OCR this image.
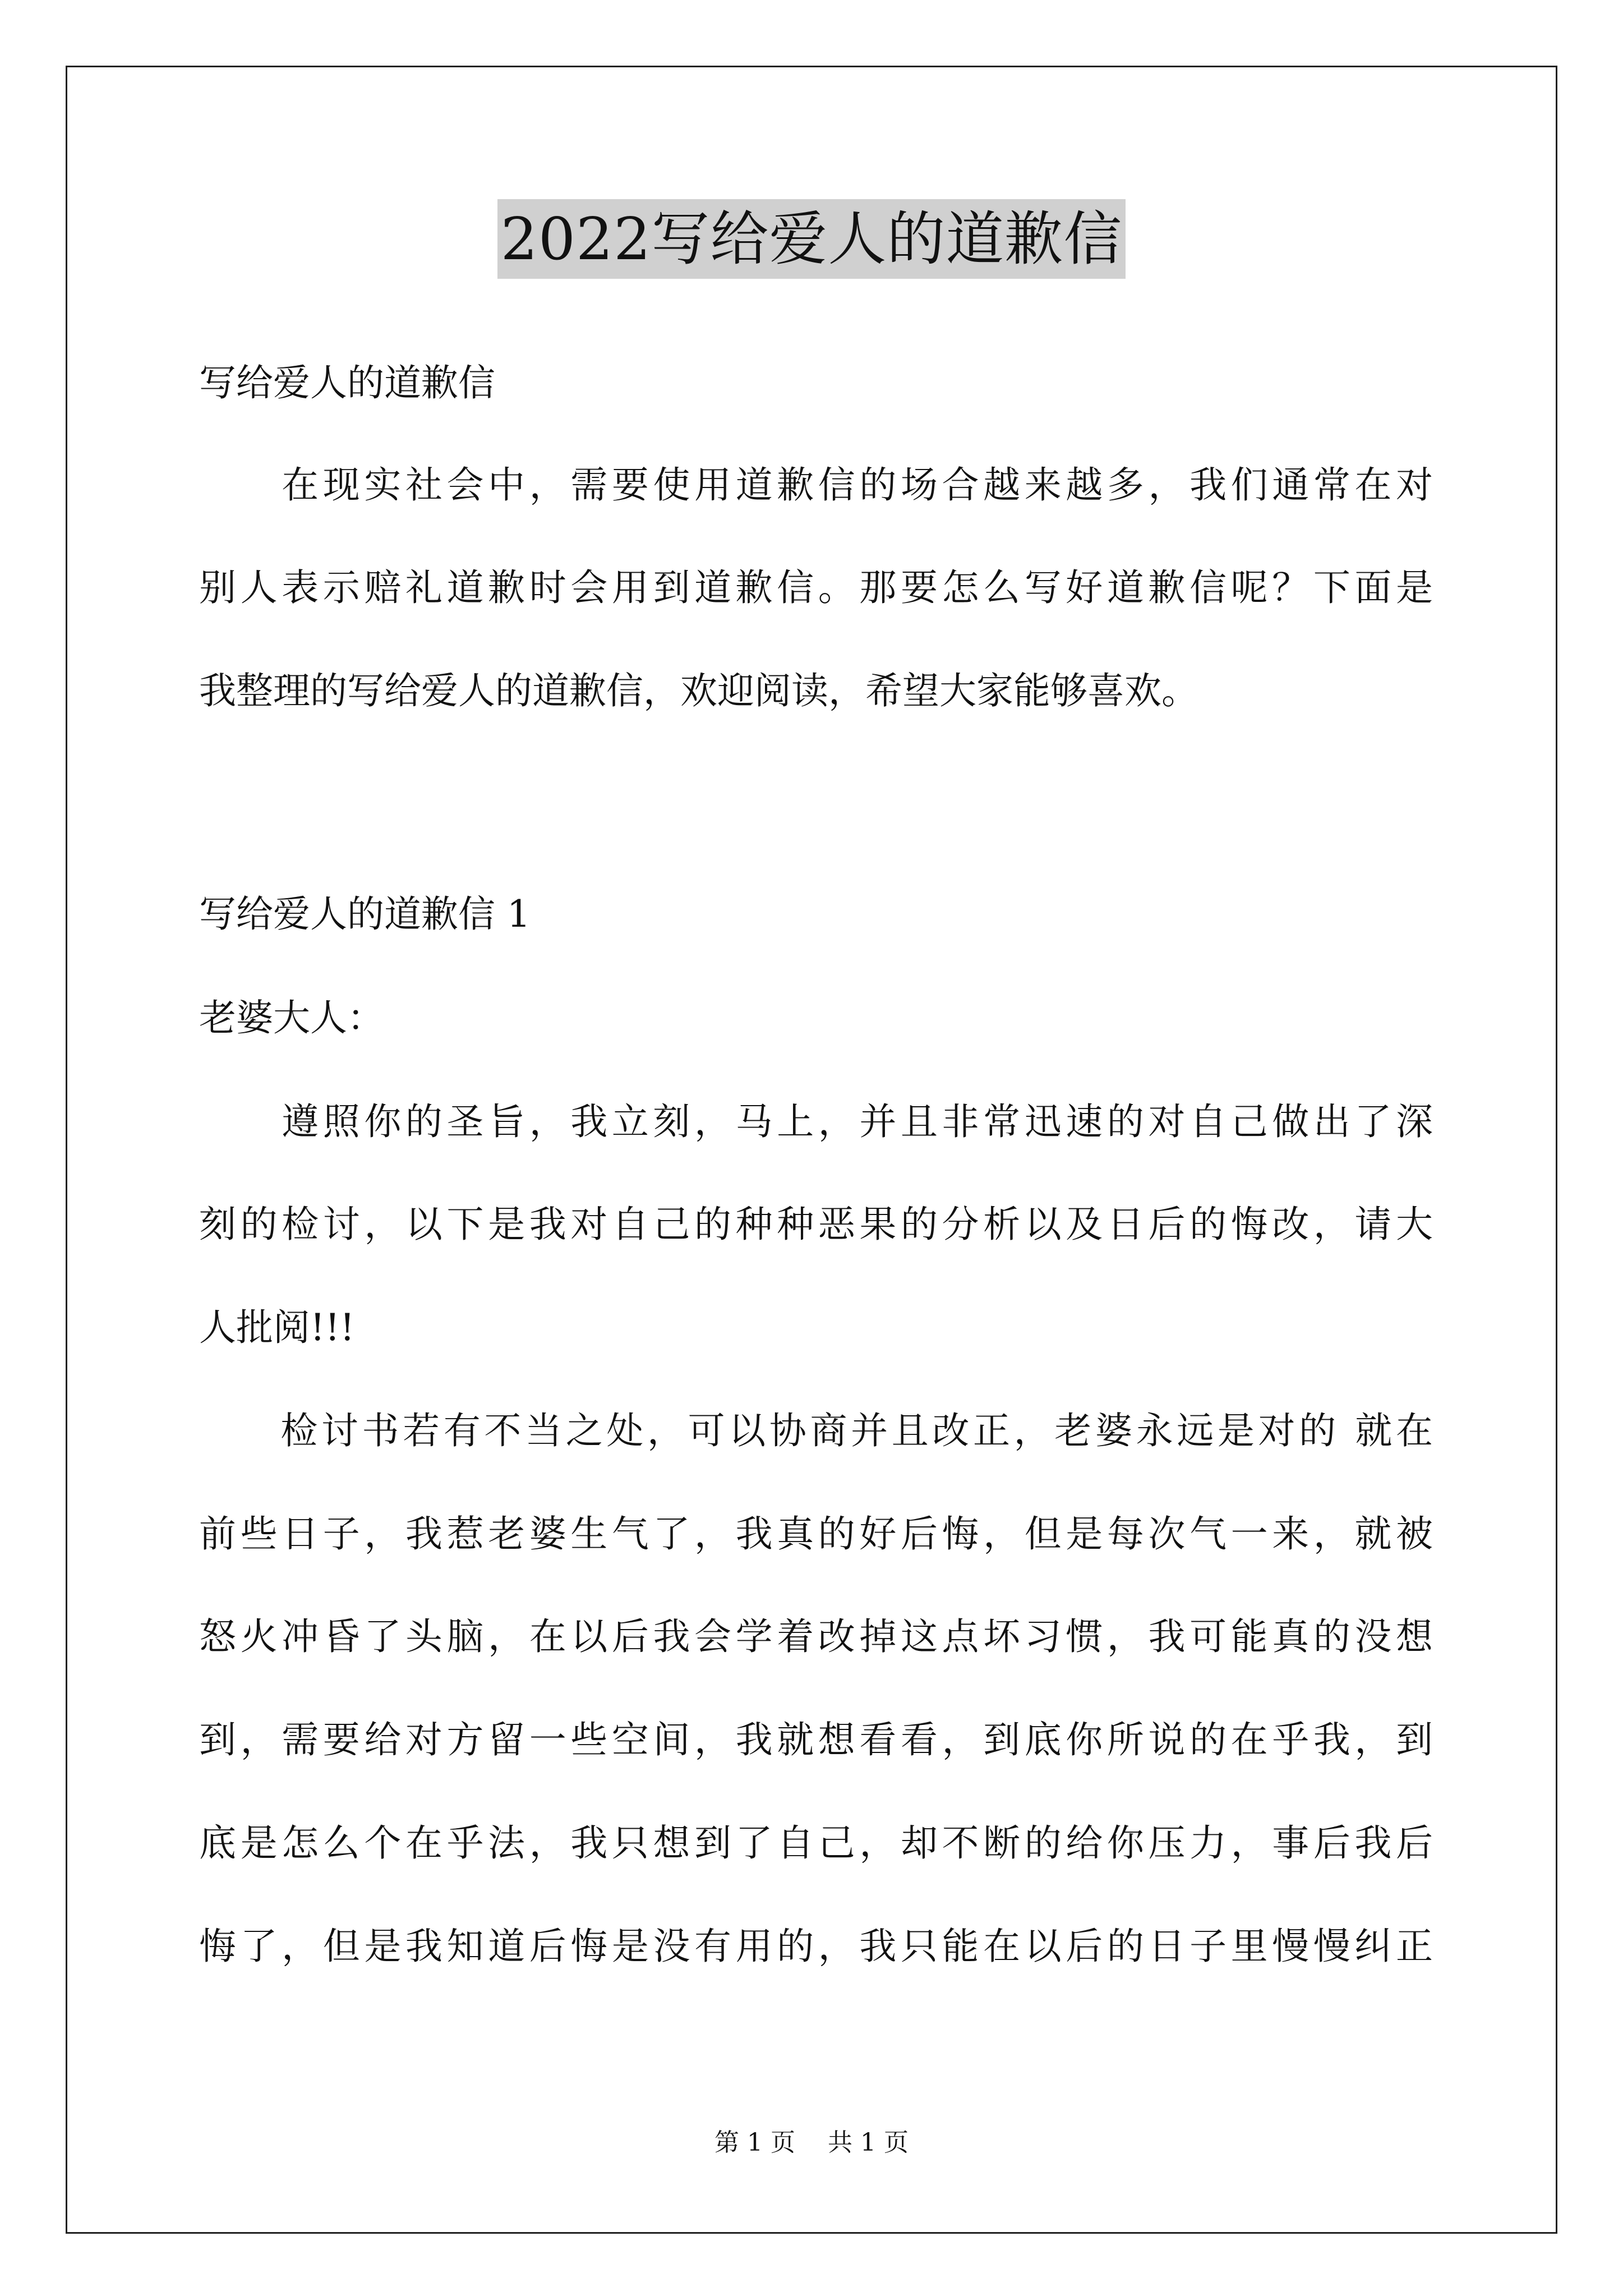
2022写给爱人的道歉信
写给爱人的道歉信
　　在现实社会中，需要使用道歉信的场合越来越多，我们通常在对
别人表示赔礼道歉时会用到道歉信。那要怎么写好道歉信呢？下面是
我整理的写给爱人的道歉信，欢迎阅读，希望大家能够喜欢。
写给爱人的道歉信 1
老婆大人：
　　遵照你的圣旨，我立刻，马上，并且非常迅速的对自己做出了深
刻的检讨，以下是我对自己的种种恶果的分析以及日后的悔改，请大
人批阅!!!
　　检讨书若有不当之处，可以协商并且改正，老婆永远是对的 就在
前些日子，我惹老婆生气了，我真的好后悔，但是每次气一来，就被
怒火冲昏了头脑，在以后我会学着改掉这点坏习惯，我可能真的没想
到，需要给对方留一些空间，我就想看看，到底你所说的在乎我，到
底是怎么个在乎法，我只想到了自己，却不断的给你压力，事后我后
悔了，但是我知道后悔是没有用的，我只能在以后的日子里慢慢纠正
第 1 页　 共 1 页
